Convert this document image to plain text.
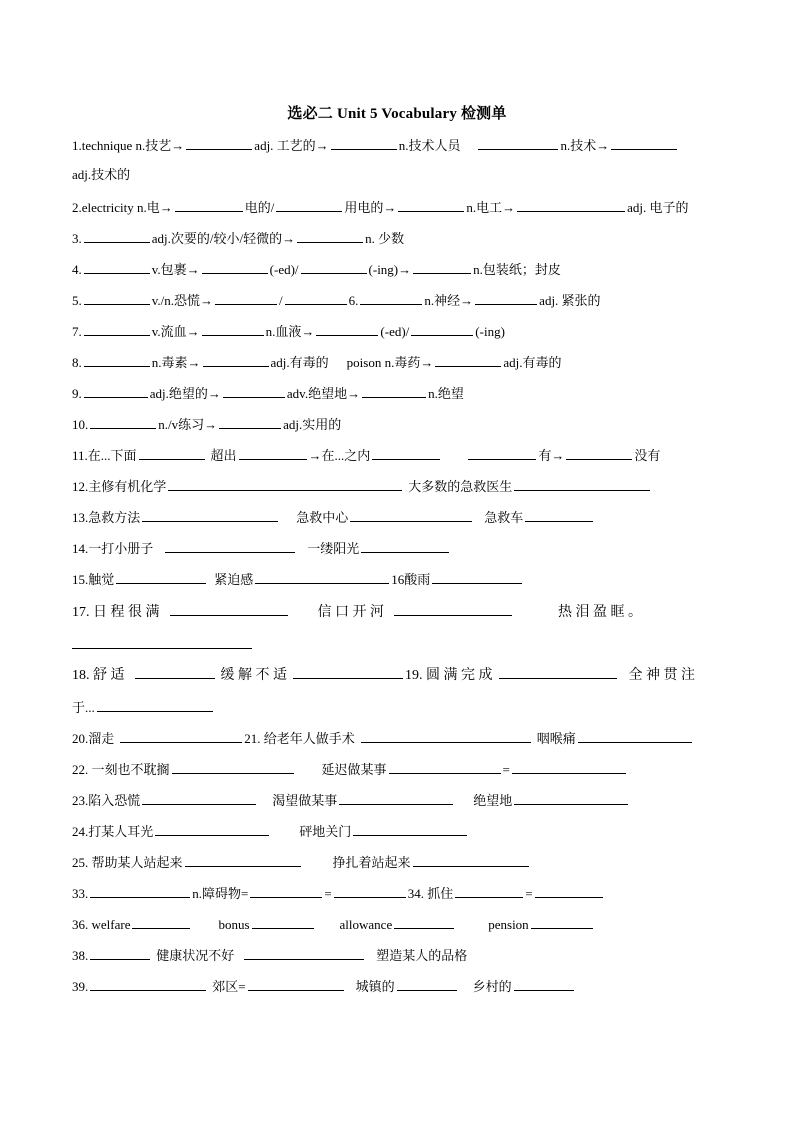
选必二 Unit 5 Vocabulary 检测单
1.technique n.技艺→	adj. 工艺的→	n.技术人员	n.技术→
adj.技术的
2.electricity n.电→	电的/	用电的→	n.电工→	adj. 电子的
3.	adj.次要的/较小/轻微的→	n. 少数
4.	v.包裹→	(-ed)/	(-ing)→	n.包装纸；封皮
5.	v./n.恐慌→	/	6.	n.神经→	adj. 紧张的
7.	v.流血→	n.血液→	(-ed)/	(-ing)
8.	n.毒素→	adj.有毒的 poison n.毒药→	adj.有毒的
9.	adj.绝望的→	adv.绝望地→	n.绝望
10.	n./v练习→	adj.实用的
11.在...下面	超出	→在...之内	有→	没有
12.主修有机化学	大多数的急救医生
13.急救方法	急救中心	急救车
14.一打小册子	一缕阳光
15.触觉	紧迫感	16酸雨
17. 日 程 很 满	信 口 开 河	热 泪 盈 眶 。
18. 舒 适	缓 解 不 适	19. 圆 满 完 成	全 神 贯 注
于...
20.溜走	21. 给老年人做手术	咽喉痛
22. 一刻也不耽搁	延迟做某事	=
23.陷入恐慌	渴望做某事	绝望地
24.打某人耳光	砰地关门
25. 帮助某人站起来	挣扎着站起来
33.	n.障碍物=	=	34. 抓住	=
36. welfare	bonus	allowance	pension
38.	健康状况不好	塑造某人的品格
39.	郊区=	城镇的	乡村的
